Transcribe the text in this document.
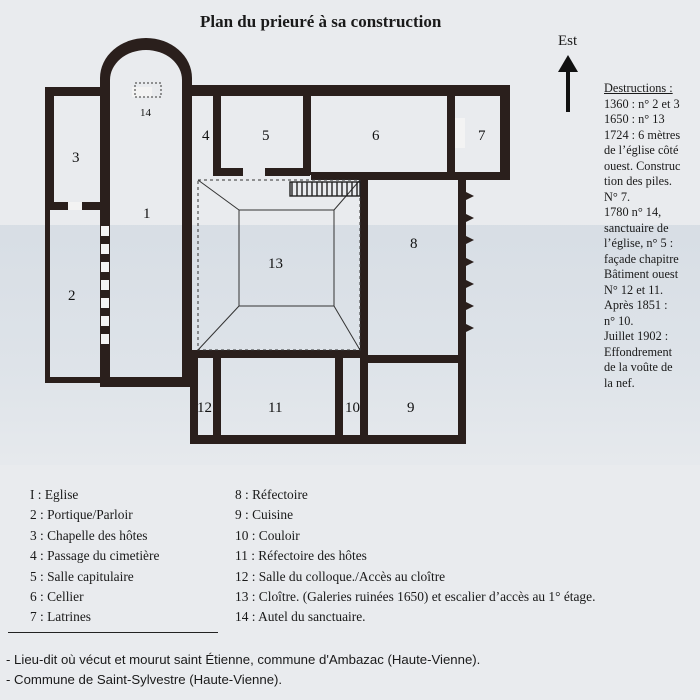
Plan du prieuré à sa construction
1
2
3
4	5	6	7
8
9
10
11
12
13
14
Est
Destructions :
1360 : n° 2 et 3
1650 : n° 13
1724 : 6 mètres
de l’église côté
ouest. Construc
tion des piles.
N° 7.
1780 n° 14,
sanctuaire de
l’église, n° 5 :
façade chapitre
Bâtiment ouest
N° 12 et 11.
Après 1851 :
n° 10.
Juillet 1902 :
Effondrement
de la voûte de
la nef.
I : Eglise
2 : Portique/Parloir
3 : Chapelle des hôtes
4 : Passage du cimetière
5 : Salle capitulaire
6 : Cellier
7 : Latrines
8 : Réfectoire
9 : Cuisine
10 : Couloir
11 : Réfectoire des hôtes
12 : Salle du colloque./Accès au cloître
13 : Cloître. (Galeries ruinées 1650) et escalier d’accès au 1° étage.
14 : Autel du sanctuaire.
- Lieu-dit où vécut et mourut saint Étienne, commune d'Ambazac (Haute-Vienne).
- Commune de Saint-Sylvestre (Haute-Vienne).
